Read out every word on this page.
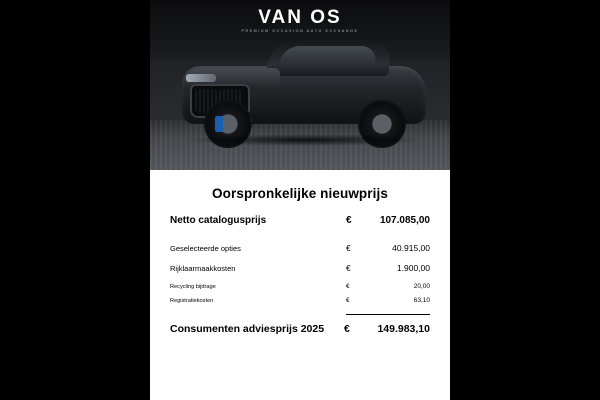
VAN OS
PREMIUM OCCASION AUTO EXCHANGE
Oorspronkelijke nieuwprijs
Netto catalogusprijs	€	107.085,00
Geselecteerde opties	€	40.915,00
Rijklaarmaakkosten	€	1.900,00
Recycling bijdrage	€	20,00
Registratiekosten	€	63,10
Consumenten adviesprijs 2025	€	149.983,10
